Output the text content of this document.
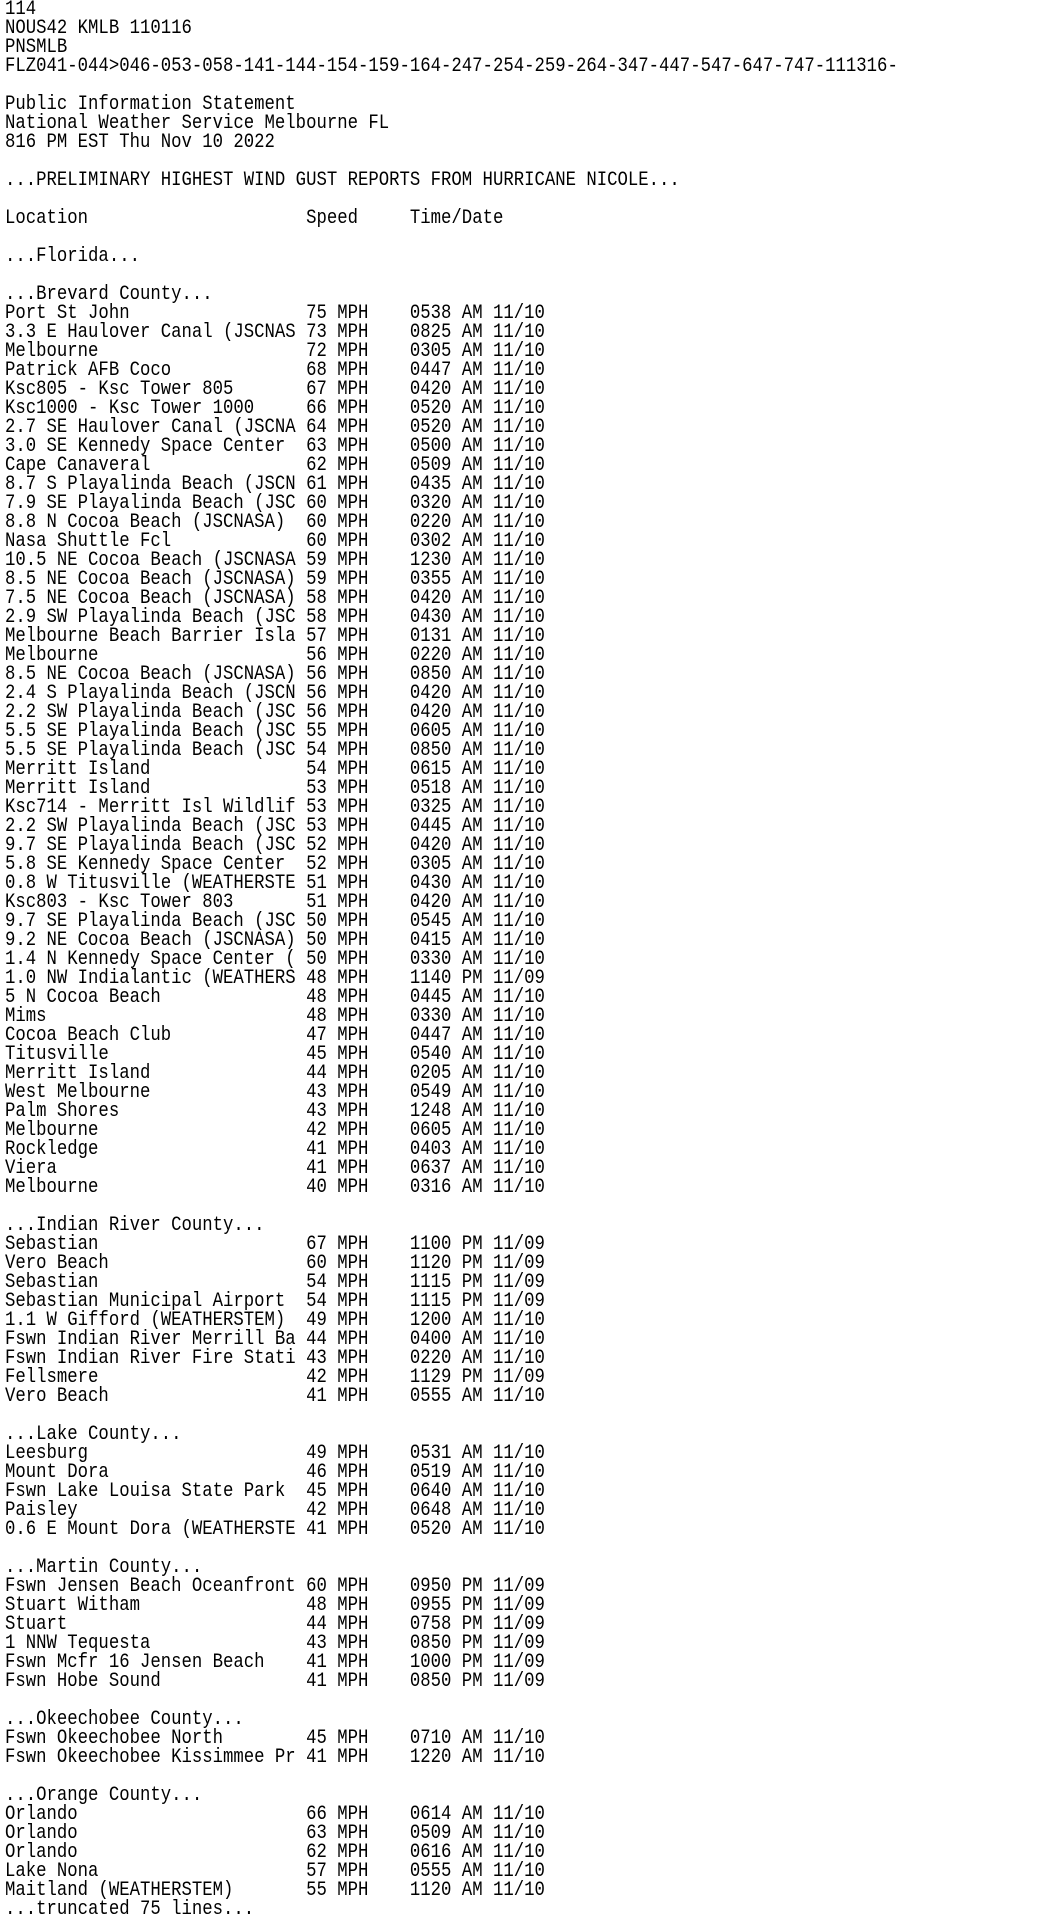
114
NOUS42 KMLB 110116
PNSMLB
FLZ041-044>046-053-058-141-144-154-159-164-247-254-259-264-347-447-547-647-747-111316-

Public Information Statement
National Weather Service Melbourne FL
816 PM EST Thu Nov 10 2022

...PRELIMINARY HIGHEST WIND GUST REPORTS FROM HURRICANE NICOLE...

Location                     Speed     Time/Date

...Florida...

...Brevard County...
Port St John                 75 MPH    0538 AM 11/10
3.3 E Haulover Canal (JSCNAS 73 MPH    0825 AM 11/10
Melbourne                    72 MPH    0305 AM 11/10
Patrick AFB Coco             68 MPH    0447 AM 11/10
Ksc805 - Ksc Tower 805       67 MPH    0420 AM 11/10
Ksc1000 - Ksc Tower 1000     66 MPH    0520 AM 11/10
2.7 SE Haulover Canal (JSCNA 64 MPH    0520 AM 11/10
3.0 SE Kennedy Space Center  63 MPH    0500 AM 11/10
Cape Canaveral               62 MPH    0509 AM 11/10
8.7 S Playalinda Beach (JSCN 61 MPH    0435 AM 11/10
7.9 SE Playalinda Beach (JSC 60 MPH    0320 AM 11/10
8.8 N Cocoa Beach (JSCNASA)  60 MPH    0220 AM 11/10
Nasa Shuttle Fcl             60 MPH    0302 AM 11/10
10.5 NE Cocoa Beach (JSCNASA 59 MPH    1230 AM 11/10
8.5 NE Cocoa Beach (JSCNASA) 59 MPH    0355 AM 11/10
7.5 NE Cocoa Beach (JSCNASA) 58 MPH    0420 AM 11/10
2.9 SW Playalinda Beach (JSC 58 MPH    0430 AM 11/10
Melbourne Beach Barrier Isla 57 MPH    0131 AM 11/10
Melbourne                    56 MPH    0220 AM 11/10
8.5 NE Cocoa Beach (JSCNASA) 56 MPH    0850 AM 11/10
2.4 S Playalinda Beach (JSCN 56 MPH    0420 AM 11/10
2.2 SW Playalinda Beach (JSC 56 MPH    0420 AM 11/10
5.5 SE Playalinda Beach (JSC 55 MPH    0605 AM 11/10
5.5 SE Playalinda Beach (JSC 54 MPH    0850 AM 11/10
Merritt Island               54 MPH    0615 AM 11/10
Merritt Island               53 MPH    0518 AM 11/10
Ksc714 - Merritt Isl Wildlif 53 MPH    0325 AM 11/10
2.2 SW Playalinda Beach (JSC 53 MPH    0445 AM 11/10
9.7 SE Playalinda Beach (JSC 52 MPH    0420 AM 11/10
5.8 SE Kennedy Space Center  52 MPH    0305 AM 11/10
0.8 W Titusville (WEATHERSTE 51 MPH    0430 AM 11/10
Ksc803 - Ksc Tower 803       51 MPH    0420 AM 11/10
9.7 SE Playalinda Beach (JSC 50 MPH    0545 AM 11/10
9.2 NE Cocoa Beach (JSCNASA) 50 MPH    0415 AM 11/10
1.4 N Kennedy Space Center ( 50 MPH    0330 AM 11/10
1.0 NW Indialantic (WEATHERS 48 MPH    1140 PM 11/09
5 N Cocoa Beach              48 MPH    0445 AM 11/10
Mims                         48 MPH    0330 AM 11/10
Cocoa Beach Club             47 MPH    0447 AM 11/10
Titusville                   45 MPH    0540 AM 11/10
Merritt Island               44 MPH    0205 AM 11/10
West Melbourne               43 MPH    0549 AM 11/10
Palm Shores                  43 MPH    1248 AM 11/10
Melbourne                    42 MPH    0605 AM 11/10
Rockledge                    41 MPH    0403 AM 11/10
Viera                        41 MPH    0637 AM 11/10
Melbourne                    40 MPH    0316 AM 11/10

...Indian River County...
Sebastian                    67 MPH    1100 PM 11/09
Vero Beach                   60 MPH    1120 PM 11/09
Sebastian                    54 MPH    1115 PM 11/09
Sebastian Municipal Airport  54 MPH    1115 PM 11/09
1.1 W Gifford (WEATHERSTEM)  49 MPH    1200 AM 11/10
Fswn Indian River Merrill Ba 44 MPH    0400 AM 11/10
Fswn Indian River Fire Stati 43 MPH    0220 AM 11/10
Fellsmere                    42 MPH    1129 PM 11/09
Vero Beach                   41 MPH    0555 AM 11/10

...Lake County...
Leesburg                     49 MPH    0531 AM 11/10
Mount Dora                   46 MPH    0519 AM 11/10
Fswn Lake Louisa State Park  45 MPH    0640 AM 11/10
Paisley                      42 MPH    0648 AM 11/10
0.6 E Mount Dora (WEATHERSTE 41 MPH    0520 AM 11/10

...Martin County...
Fswn Jensen Beach Oceanfront 60 MPH    0950 PM 11/09
Stuart Witham                48 MPH    0955 PM 11/09
Stuart                       44 MPH    0758 PM 11/09
1 NNW Tequesta               43 MPH    0850 PM 11/09
Fswn Mcfr 16 Jensen Beach    41 MPH    1000 PM 11/09
Fswn Hobe Sound              41 MPH    0850 PM 11/09

...Okeechobee County...
Fswn Okeechobee North        45 MPH    0710 AM 11/10
Fswn Okeechobee Kissimmee Pr 41 MPH    1220 AM 11/10

...Orange County...
Orlando                      66 MPH    0614 AM 11/10
Orlando                      63 MPH    0509 AM 11/10
Orlando                      62 MPH    0616 AM 11/10
Lake Nona                    57 MPH    0555 AM 11/10
Maitland (WEATHERSTEM)       55 MPH    1120 AM 11/10
...truncated 75 lines...
